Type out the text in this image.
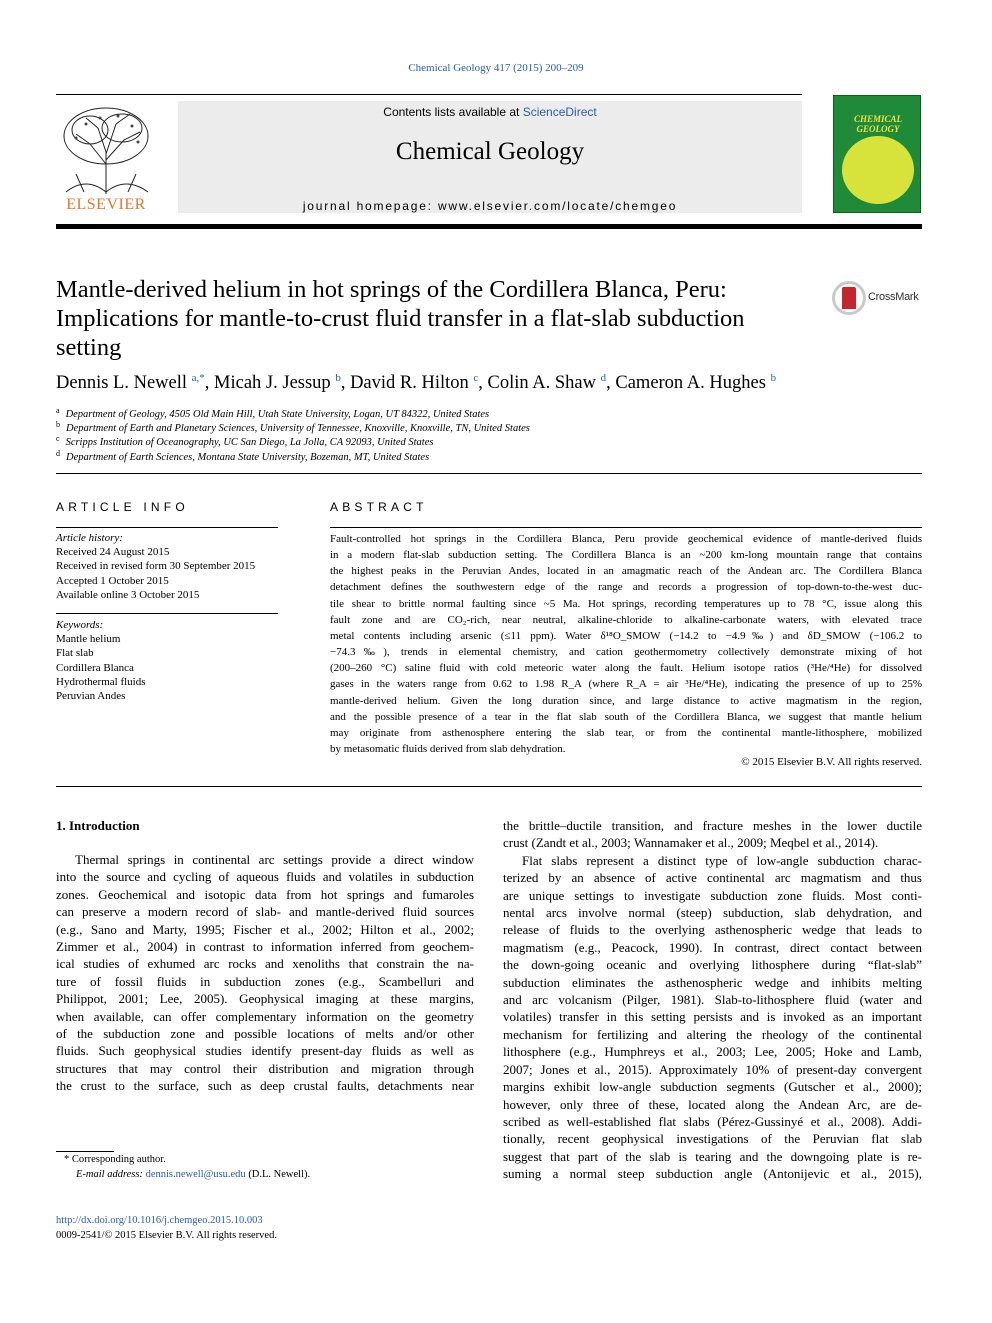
Chemical Geology 417 (2015) 200–209
ELSEVIER
Contents lists available at ScienceDirect
Chemical Geology
journal homepage: www.elsevier.com/locate/chemgeo
CHEMICAL GEOLOGY
Mantle-derived helium in hot springs of the Cordillera Blanca, Peru: Implications for mantle-to-crust fluid transfer in a flat-slab subduction setting
CrossMark
Dennis L. Newell $^{a,*}$, Micah J. Jessup $^b$, David R. Hilton $^c$, Colin A. Shaw $^d$, Cameron A. Hughes $^b$
$^a$ Department of Geology, 4505 Old Main Hill, Utah State University, Logan, UT 84322, United States
$^b$ Department of Earth and Planetary Sciences, University of Tennessee, Knoxville, Knoxville, TN, United States
$^c$ Scripps Institution of Oceanography, UC San Diego, La Jolla, CA 92093, United States
$^d$ Department of Earth Sciences, Montana State University, Bozeman, MT, United States
ARTICLE INFO
Article history:
Received 24 August 2015
Received in revised form 30 September 2015
Accepted 1 October 2015
Available online 3 October 2015
Keywords:
Mantle helium
Flat slab
Cordillera Blanca
Hydrothermal fluids
Peruvian Andes
ABSTRACT
Fault-controlled hot springs in the Cordillera Blanca, Peru provide geochemical evidence of mantle-derived fluids
in a modern flat-slab subduction setting. The Cordillera Blanca is an ~200 km-long mountain range that contains
the highest peaks in the Peruvian Andes, located in an amagmatic reach of the Andean arc. The Cordillera Blanca
detachment defines the southwestern edge of the range and records a progression of top-down-to-the-west duc-
tile shear to brittle normal faulting since ~5 Ma. Hot springs, recording temperatures up to 78 °C, issue along this
fault zone and are CO₂-rich, near neutral, alkaline-chloride to alkaline-carbonate waters, with elevated trace
metal contents including arsenic (≤11 ppm). Water δ¹⁸O_SMOW (−14.2 to −4.9‰) and δD_SMOW (−106.2 to
−74.3‰), trends in elemental chemistry, and cation geothermometry collectively demonstrate mixing of hot
(200–260 °C) saline fluid with cold meteoric water along the fault. Helium isotope ratios (³He/⁴He) for dissolved
gases in the waters range from 0.62 to 1.98 R_A (where R_A = air ³He/⁴He), indicating the presence of up to 25%
mantle-derived helium. Given the long duration since, and large distance to active magmatism in the region,
and the possible presence of a tear in the flat slab south of the Cordillera Blanca, we suggest that mantle helium
may originate from asthenosphere entering the slab tear, or from the continental mantle-lithosphere, mobilized
by metasomatic fluids derived from slab dehydration.
© 2015 Elsevier B.V. All rights reserved.
1. Introduction
Thermal springs in continental arc settings provide a direct window
into the source and cycling of aqueous fluids and volatiles in subduction
zones. Geochemical and isotopic data from hot springs and fumaroles
can preserve a modern record of slab- and mantle-derived fluid sources
(e.g., Sano and Marty, 1995; Fischer et al., 2002; Hilton et al., 2002;
Zimmer et al., 2004) in contrast to information inferred from geochem-
ical studies of exhumed arc rocks and xenoliths that constrain the na-
ture of fossil fluids in subduction zones (e.g., Scambelluri and
Philippot, 2001; Lee, 2005). Geophysical imaging at these margins,
when available, can offer complementary information on the geometry
of the subduction zone and possible locations of melts and/or other
fluids. Such geophysical studies identify present-day fluids as well as
structures that may control their distribution and migration through
the crust to the surface, such as deep crustal faults, detachments near
the brittle–ductile transition, and fracture meshes in the lower ductile
crust (Zandt et al., 2003; Wannamaker et al., 2009; Meqbel et al., 2014).
Flat slabs represent a distinct type of low-angle subduction charac-
terized by an absence of active continental arc magmatism and thus
are unique settings to investigate subduction zone fluids. Most conti-
nental arcs involve normal (steep) subduction, slab dehydration, and
release of fluids to the overlying asthenospheric wedge that leads to
magmatism (e.g., Peacock, 1990). In contrast, direct contact between
the down-going oceanic and overlying lithosphere during “flat-slab”
subduction eliminates the asthenospheric wedge and inhibits melting
and arc volcanism (Pilger, 1981). Slab-to-lithosphere fluid (water and
volatiles) transfer in this setting persists and is invoked as an important
mechanism for fertilizing and altering the rheology of the continental
lithosphere (e.g., Humphreys et al., 2003; Lee, 2005; Hoke and Lamb,
2007; Jones et al., 2015). Approximately 10% of present-day convergent
margins exhibit low-angle subduction segments (Gutscher et al., 2000);
however, only three of these, located along the Andean Arc, are de-
scribed as well-established flat slabs (Pérez-Gussinyé et al., 2008). Addi-
tionally, recent geophysical investigations of the Peruvian flat slab
suggest that part of the slab is tearing and the downgoing plate is re-
suming a normal steep subduction angle (Antonijevic et al., 2015),
* Corresponding author.
E-mail address: dennis.newell@usu.edu (D.L. Newell).
http://dx.doi.org/10.1016/j.chemgeo.2015.10.003
0009-2541/© 2015 Elsevier B.V. All rights reserved.
